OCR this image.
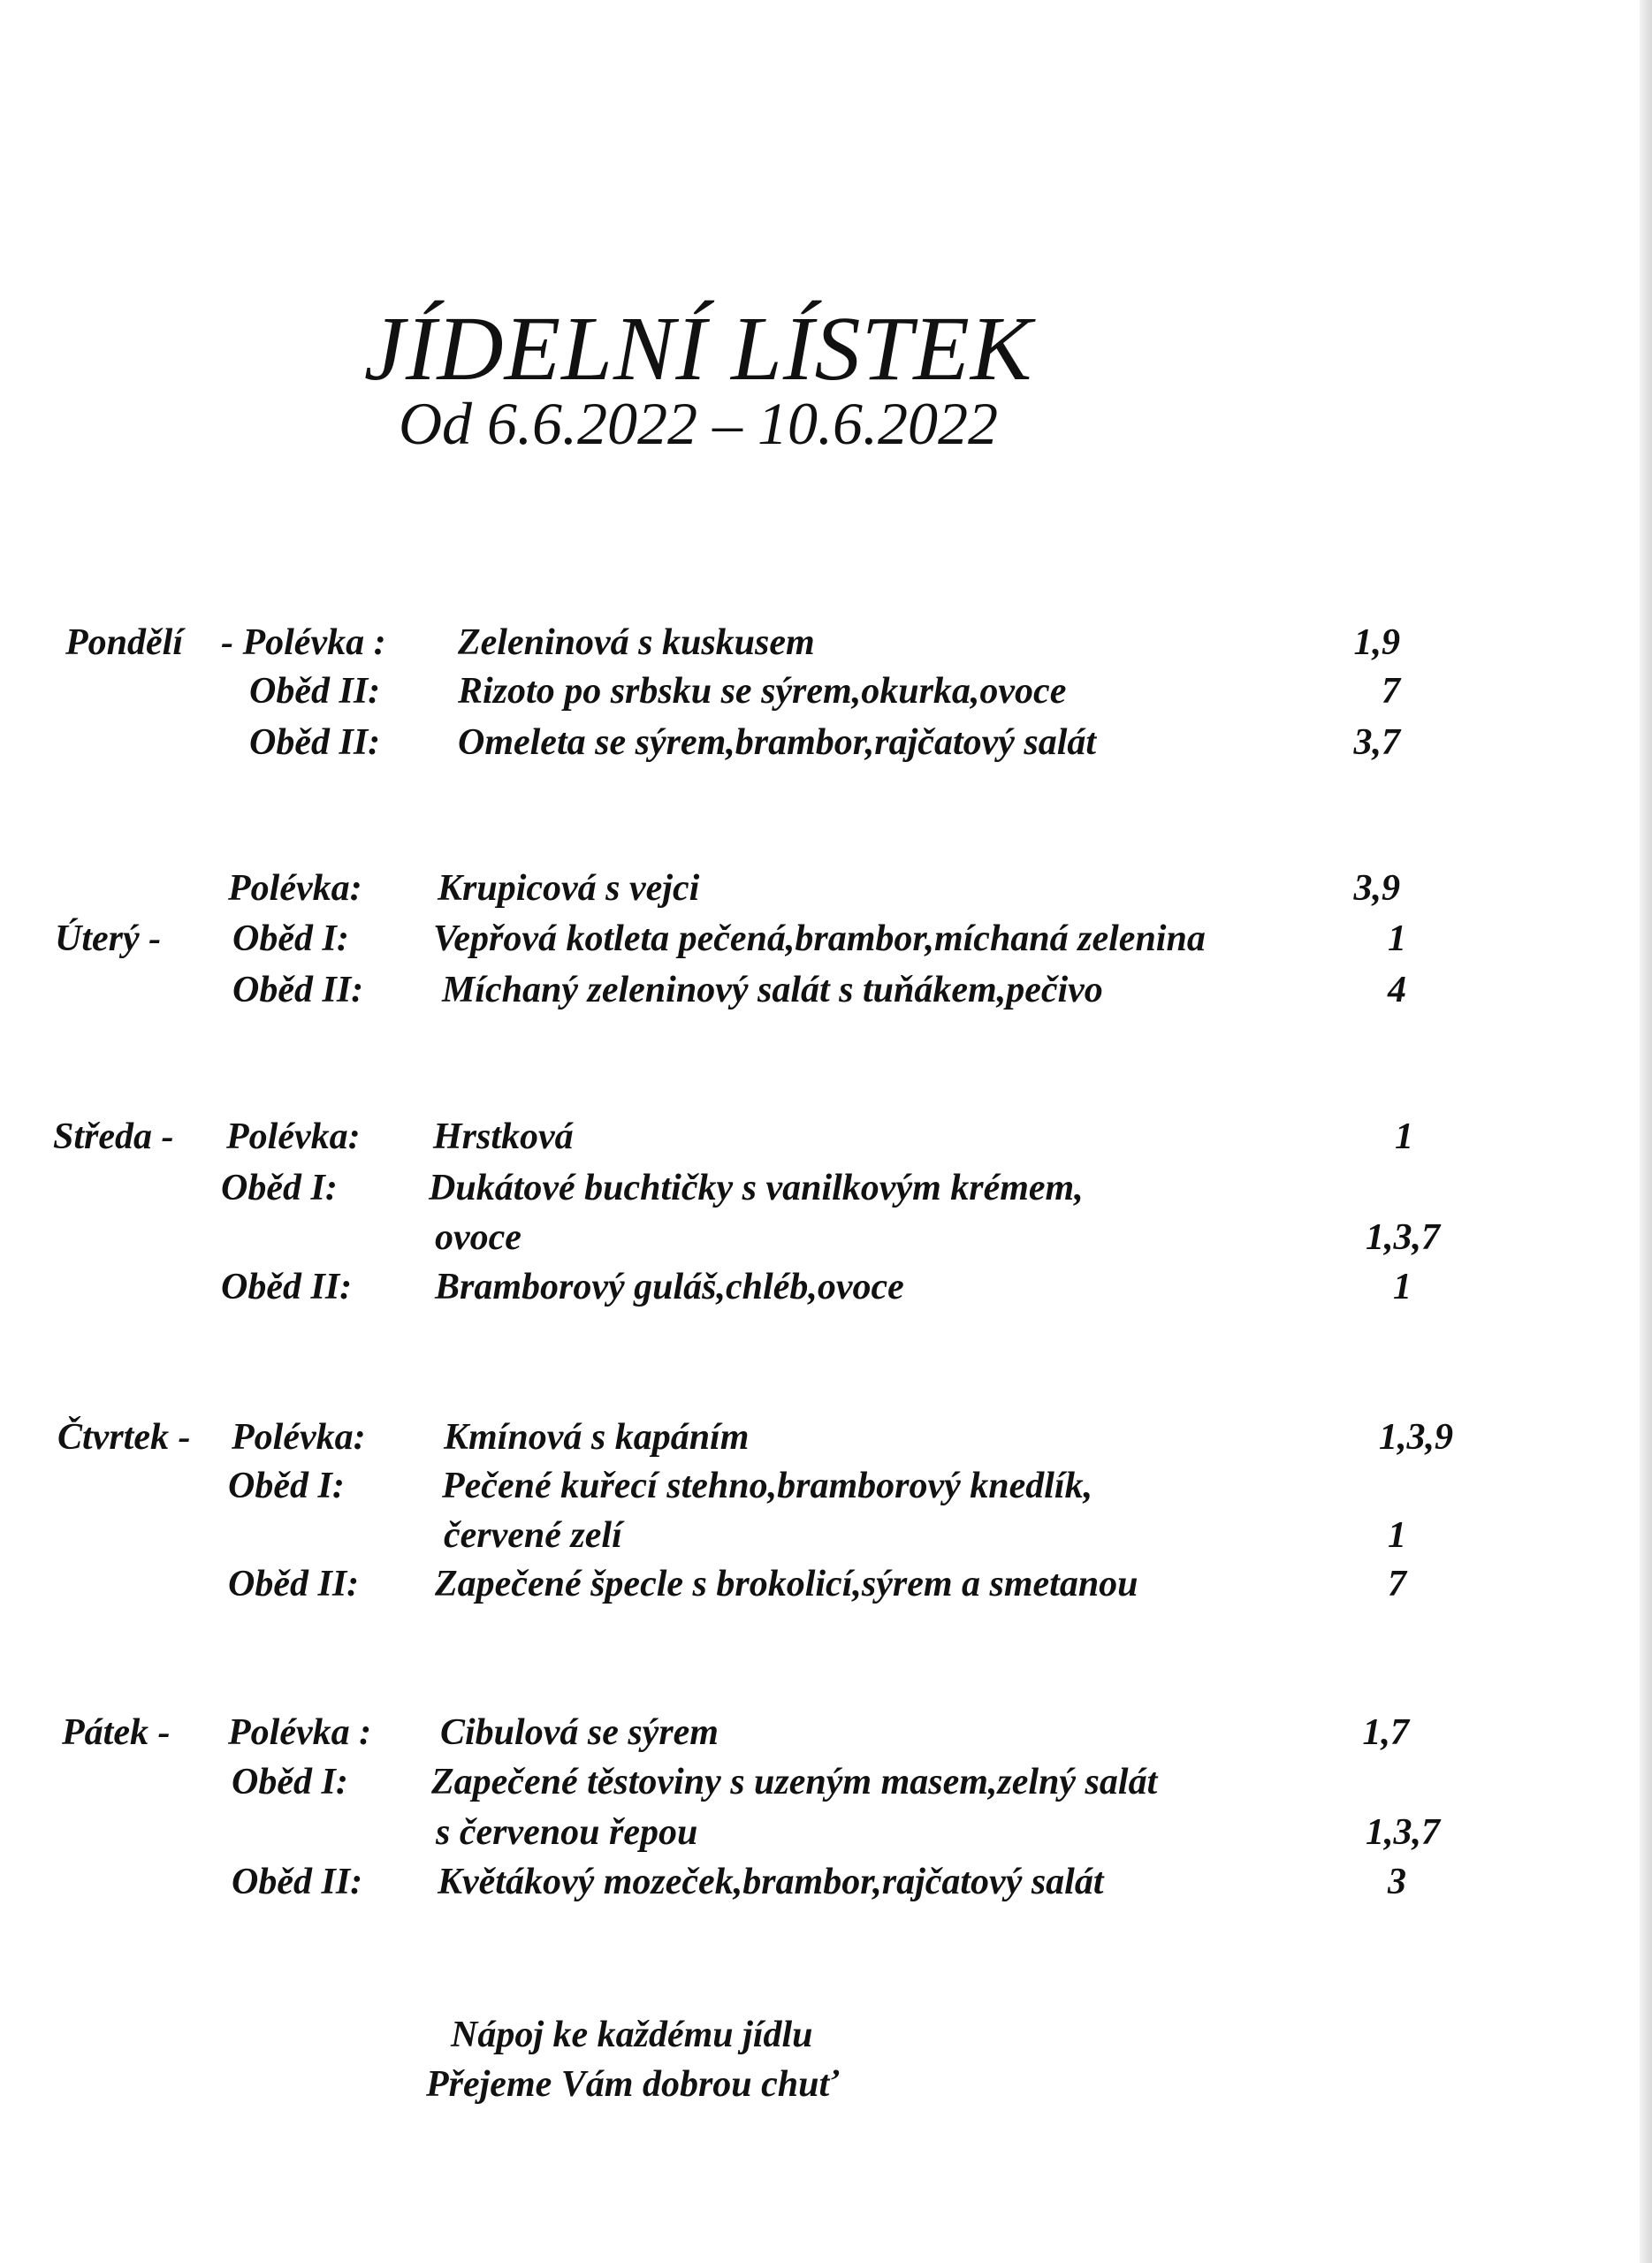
JÍDELNÍ LÍSTEK
Od 6.6.2022 – 10.6.2022
Pondělí - Polévka : Zeleninová s kuskusem	1,9
Oběd II: Rizoto po srbsku se sýrem,okurka,ovoce	7
Oběd II: Omeleta se sýrem,brambor,rajčatový salát	3,7
Polévka: Krupicová s vejci	3,9
Úterý - Oběd I: Vepřová kotleta pečená,brambor,míchaná zelenina	1
Oběd II: Míchaný zeleninový salát s tuňákem,pečivo	4
Středa - Polévka: Hrstková	1
Oběd I: Dukátové buchtičky s vanilkovým krémem,
ovoce	1,3,7
Oběd II: Bramborový guláš,chléb,ovoce	1
Čtvrtek - Polévka: Kmínová s kapáním	1,3,9
Oběd I:	Pečené kuřecí stehno,bramborový knedlík,
červené zelí	1
Oběd II: Zapečené špecle s brokolicí,sýrem a smetanou	7
Pátek - Polévka : Cibulová se sýrem	1,7
Oběd I: Zapečené těstoviny s uzeným masem,zelný salát
s červenou řepou	1,3,7
Oběd II: Květákový mozeček,brambor,rajčatový salát	3
Nápoj ke každému jídlu
Přejeme Vám dobrou chuť
